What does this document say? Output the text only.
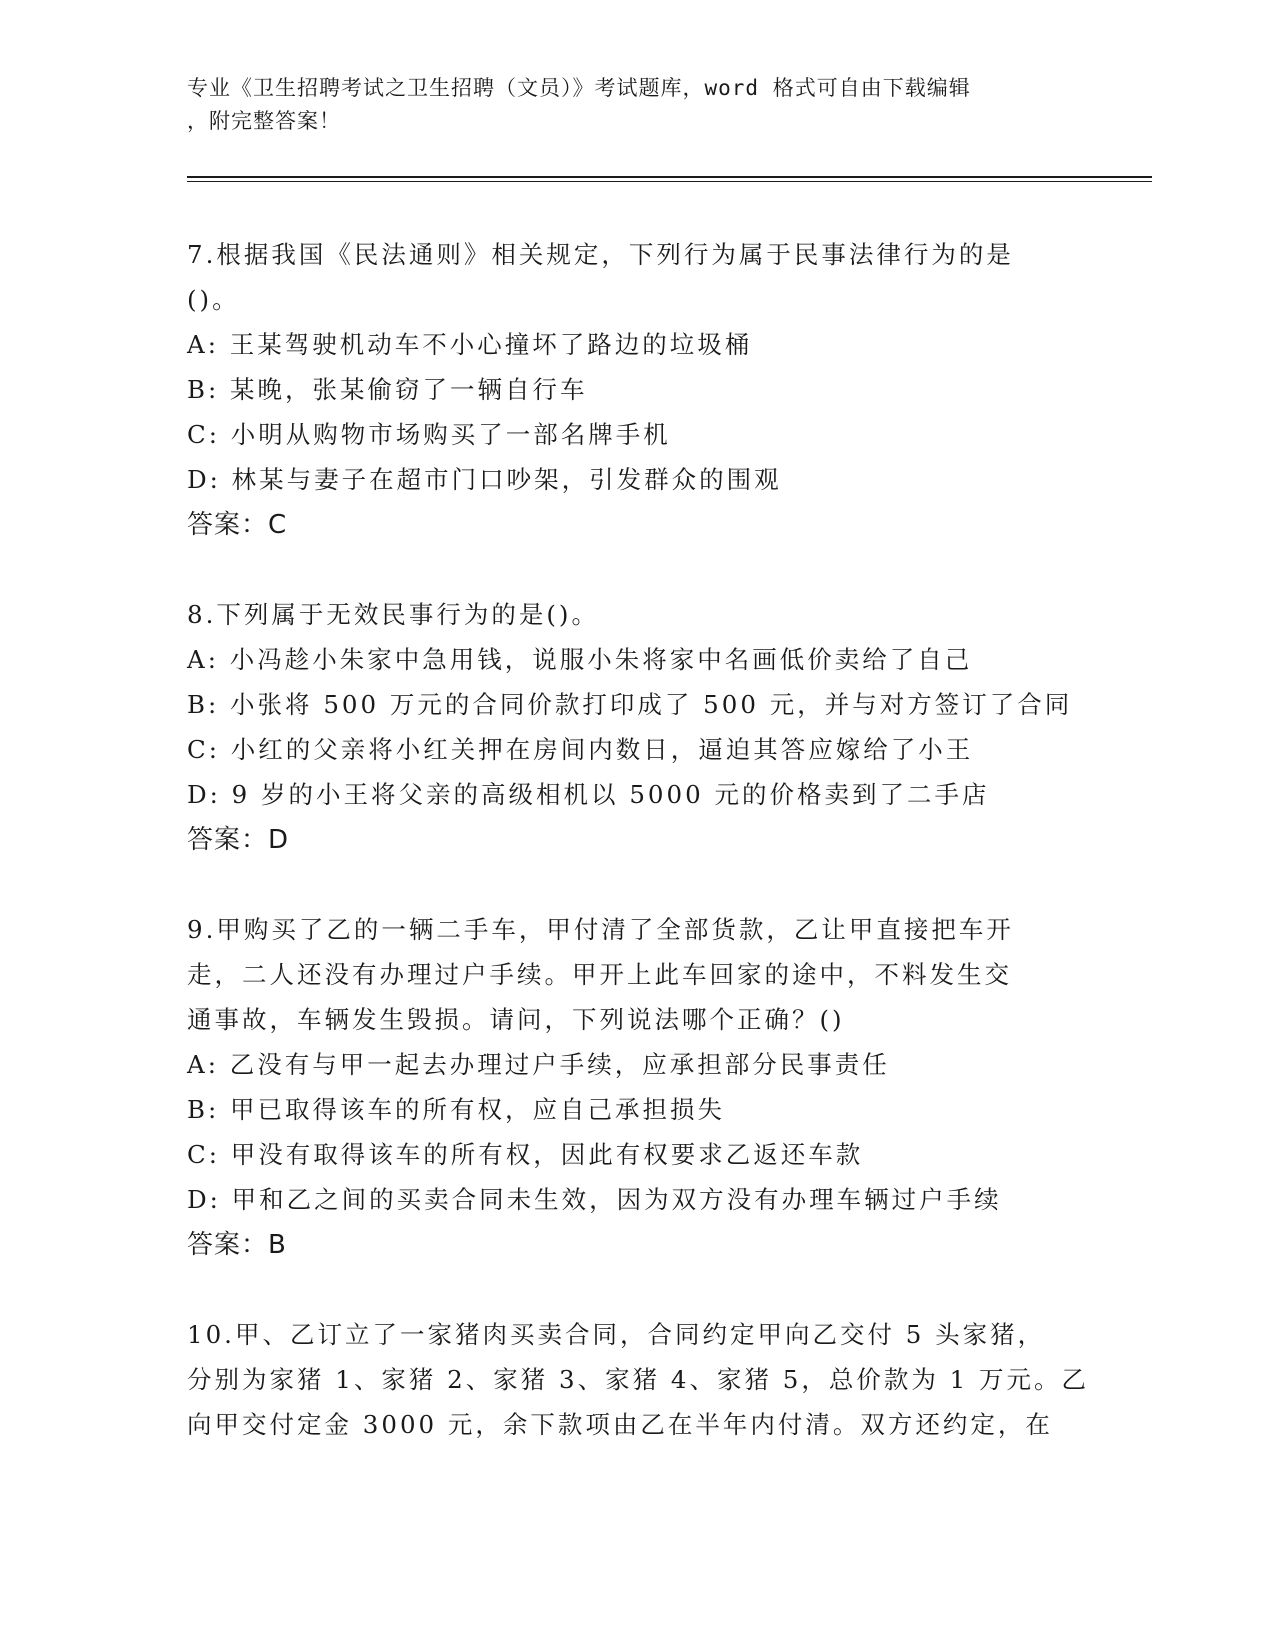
专业《卫生招聘考试之卫生招聘（文员）》考试题库，word 格式可自由下载编辑
，附完整答案！
7.根据我国《民法通则》相关规定，下列行为属于民事法律行为的是
()。
A: 王某驾驶机动车不小心撞坏了路边的垃圾桶
B: 某晚，张某偷窃了一辆自行车
C: 小明从购物市场购买了一部名牌手机
D: 林某与妻子在超市门口吵架，引发群众的围观
答案：C
8.下列属于无效民事行为的是()。
A: 小冯趁小朱家中急用钱，说服小朱将家中名画低价卖给了自己
B: 小张将 500 万元的合同价款打印成了 500 元，并与对方签订了合同
C: 小红的父亲将小红关押在房间内数日，逼迫其答应嫁给了小王
D: 9 岁的小王将父亲的高级相机以 5000 元的价格卖到了二手店
答案：D
9.甲购买了乙的一辆二手车，甲付清了全部货款，乙让甲直接把车开
走，二人还没有办理过户手续。甲开上此车回家的途中，不料发生交
通事故，车辆发生毁损。请问，下列说法哪个正确？()
A: 乙没有与甲一起去办理过户手续，应承担部分民事责任
B: 甲已取得该车的所有权，应自己承担损失
C: 甲没有取得该车的所有权，因此有权要求乙返还车款
D: 甲和乙之间的买卖合同未生效，因为双方没有办理车辆过户手续
答案：B
10.甲、乙订立了一家猪肉买卖合同，合同约定甲向乙交付 5 头家猪，
分别为家猪 1、家猪 2、家猪 3、家猪 4、家猪 5，总价款为 1 万元。乙
向甲交付定金 3000 元，余下款项由乙在半年内付清。双方还约定，在
